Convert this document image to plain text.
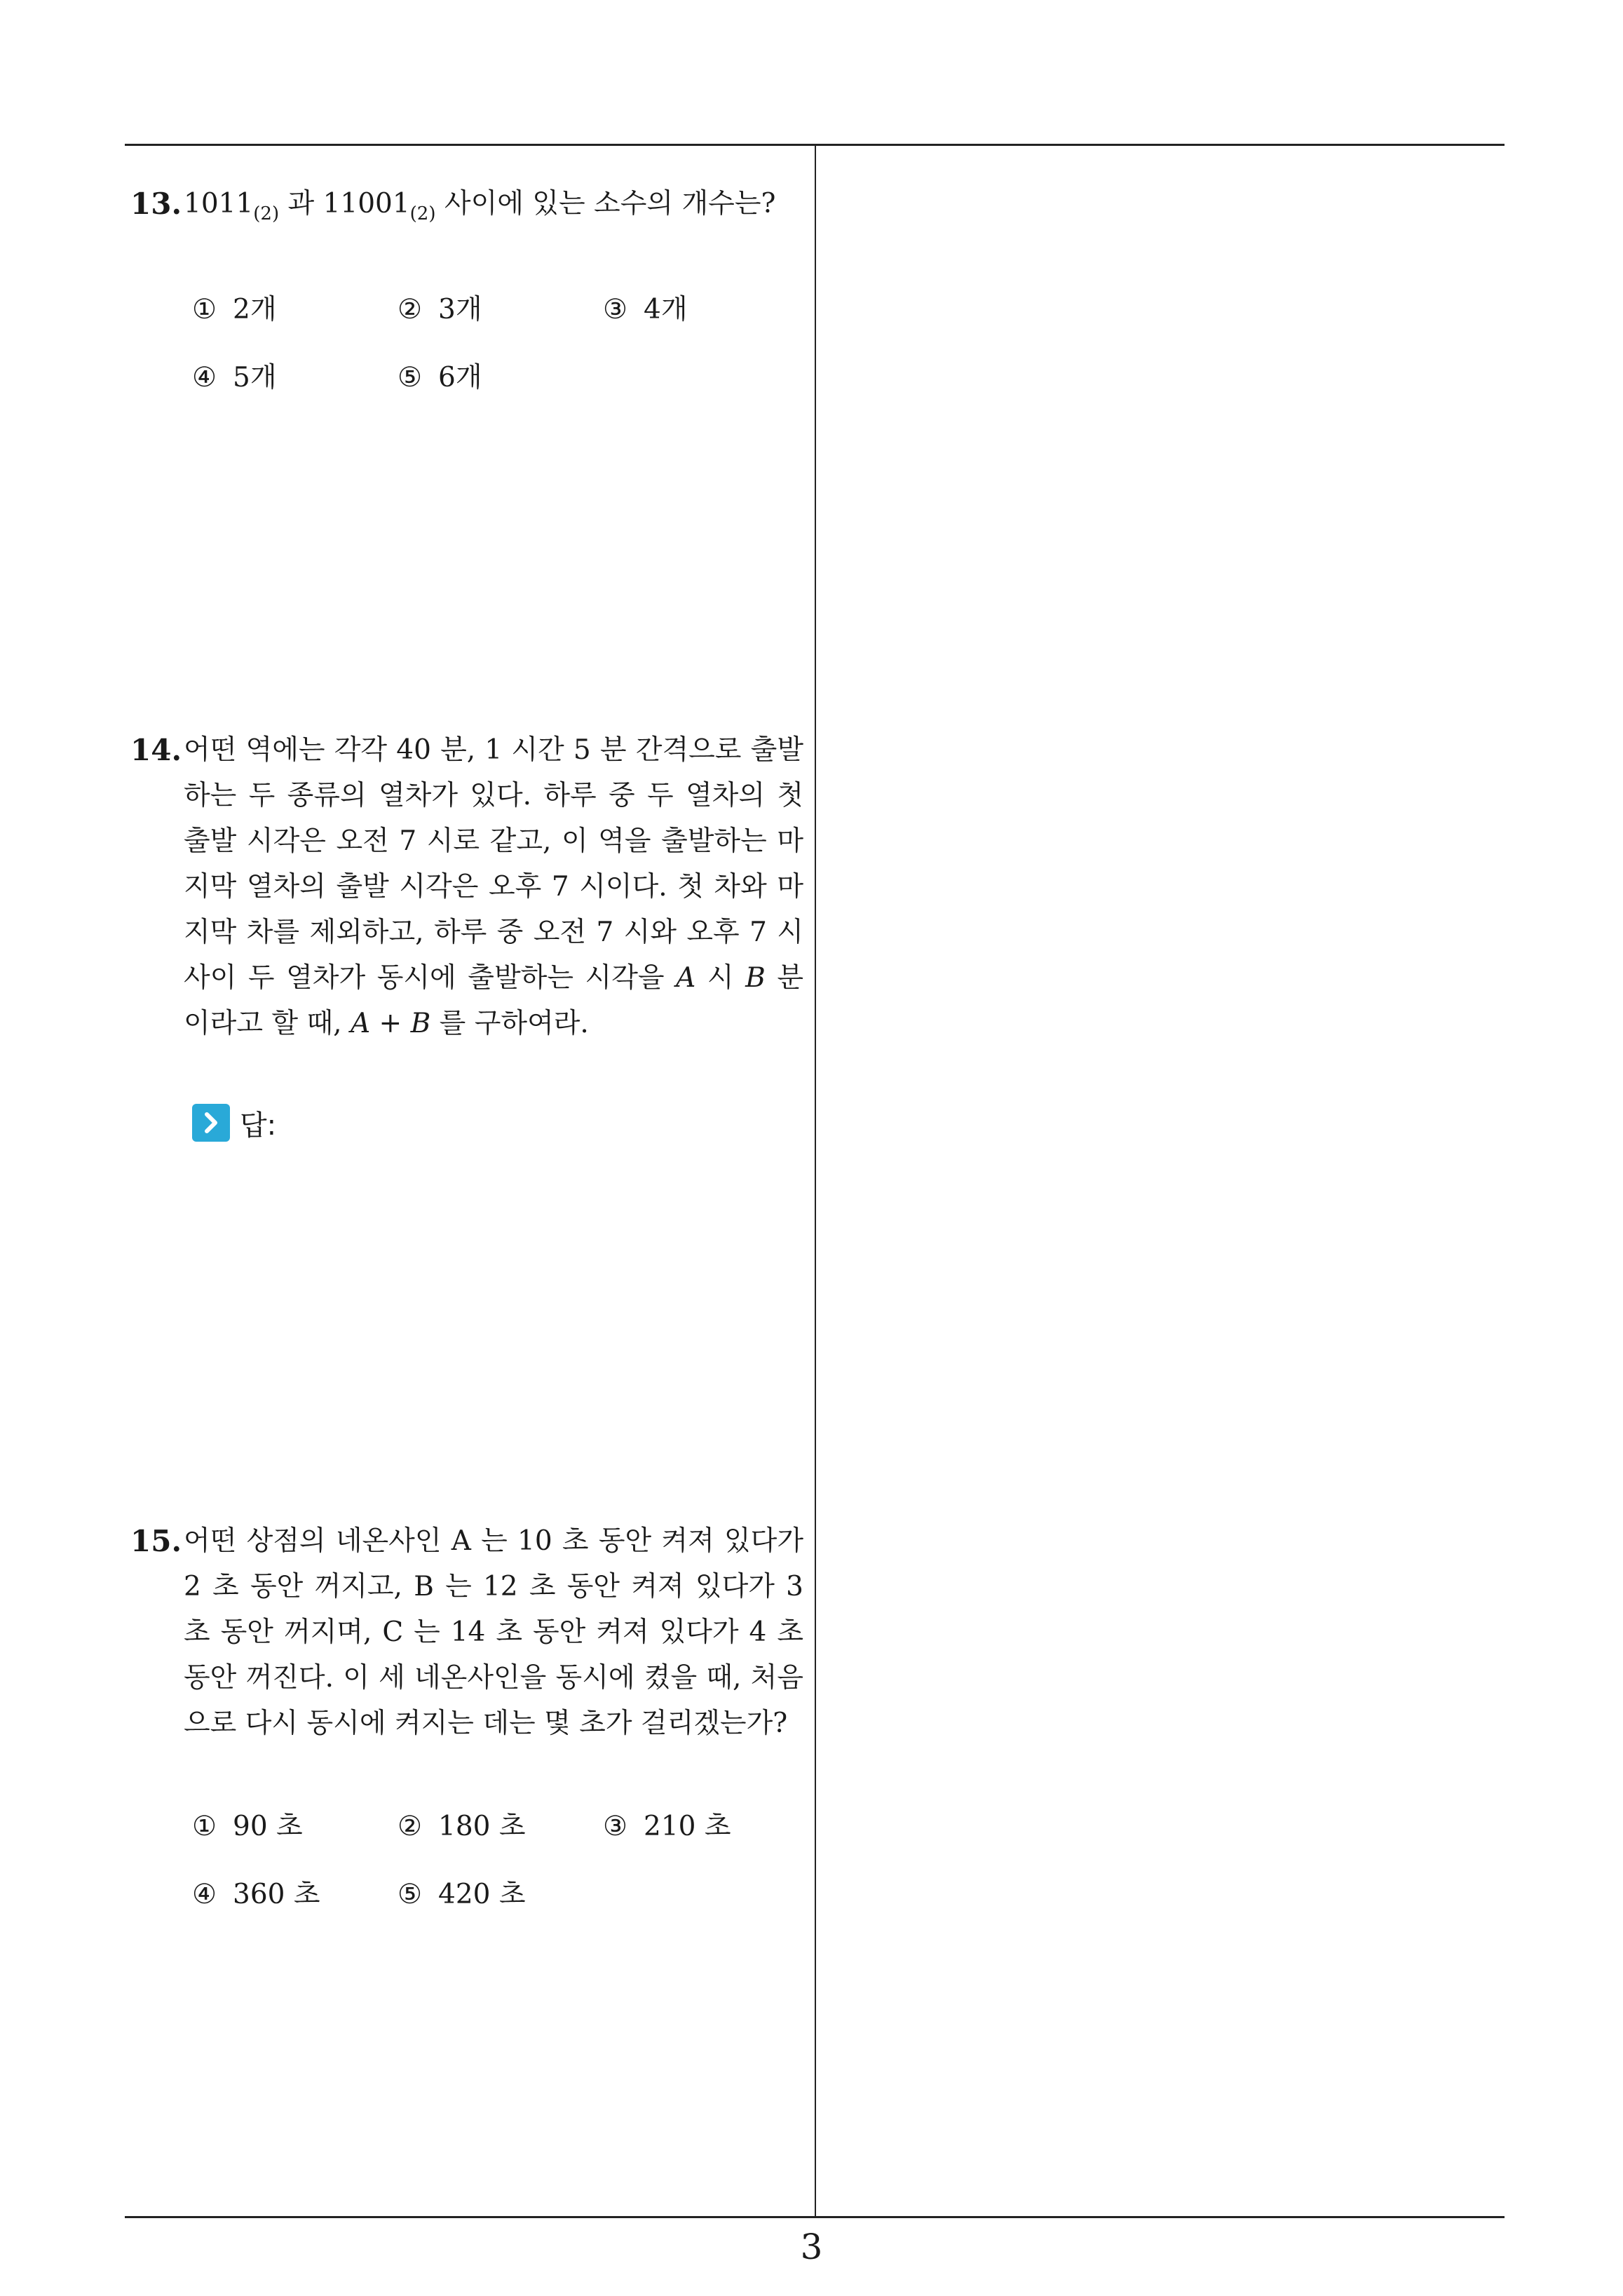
13. $1011_{(2)}$ 과 $11001_{(2)}$ 사이에 있는 소수의 개수는?
① 2개	② 3개	③ 4개
④ 5개	⑤ 6개
14. 어떤 역에는 각각 40 분, 1 시간 5 분 간격으로 출발하는 두 종류의 열차가 있다. 하루 중 두 열차의 첫 출발 시각은 오전 7 시로 같고, 이 역을 출발하는 마지막 열차의 출발 시각은 오후 7 시이다. 첫 차와 마지막 차를 제외하고, 하루 중 오전 7 시와 오후 7 시 사이 두 열차가 동시에 출발하는 시각을 A 시 B 분이라고 할 때, A + B 를 구하여라.
답:
15. 어떤 상점의 네온사인 A 는 10 초 동안 켜져 있다가 2 초 동안 꺼지고, B 는 12 초 동안 켜져 있다가 3 초 동안 꺼지며, C 는 14 초 동안 켜져 있다가 4 초 동안 꺼진다. 이 세 네온사인을 동시에 켰을 때, 처음으로 다시 동시에 켜지는 데는 몇 초가 걸리겠는가?
① 90 초	② 180 초	③ 210 초
④ 360 초	⑤ 420 초
3
